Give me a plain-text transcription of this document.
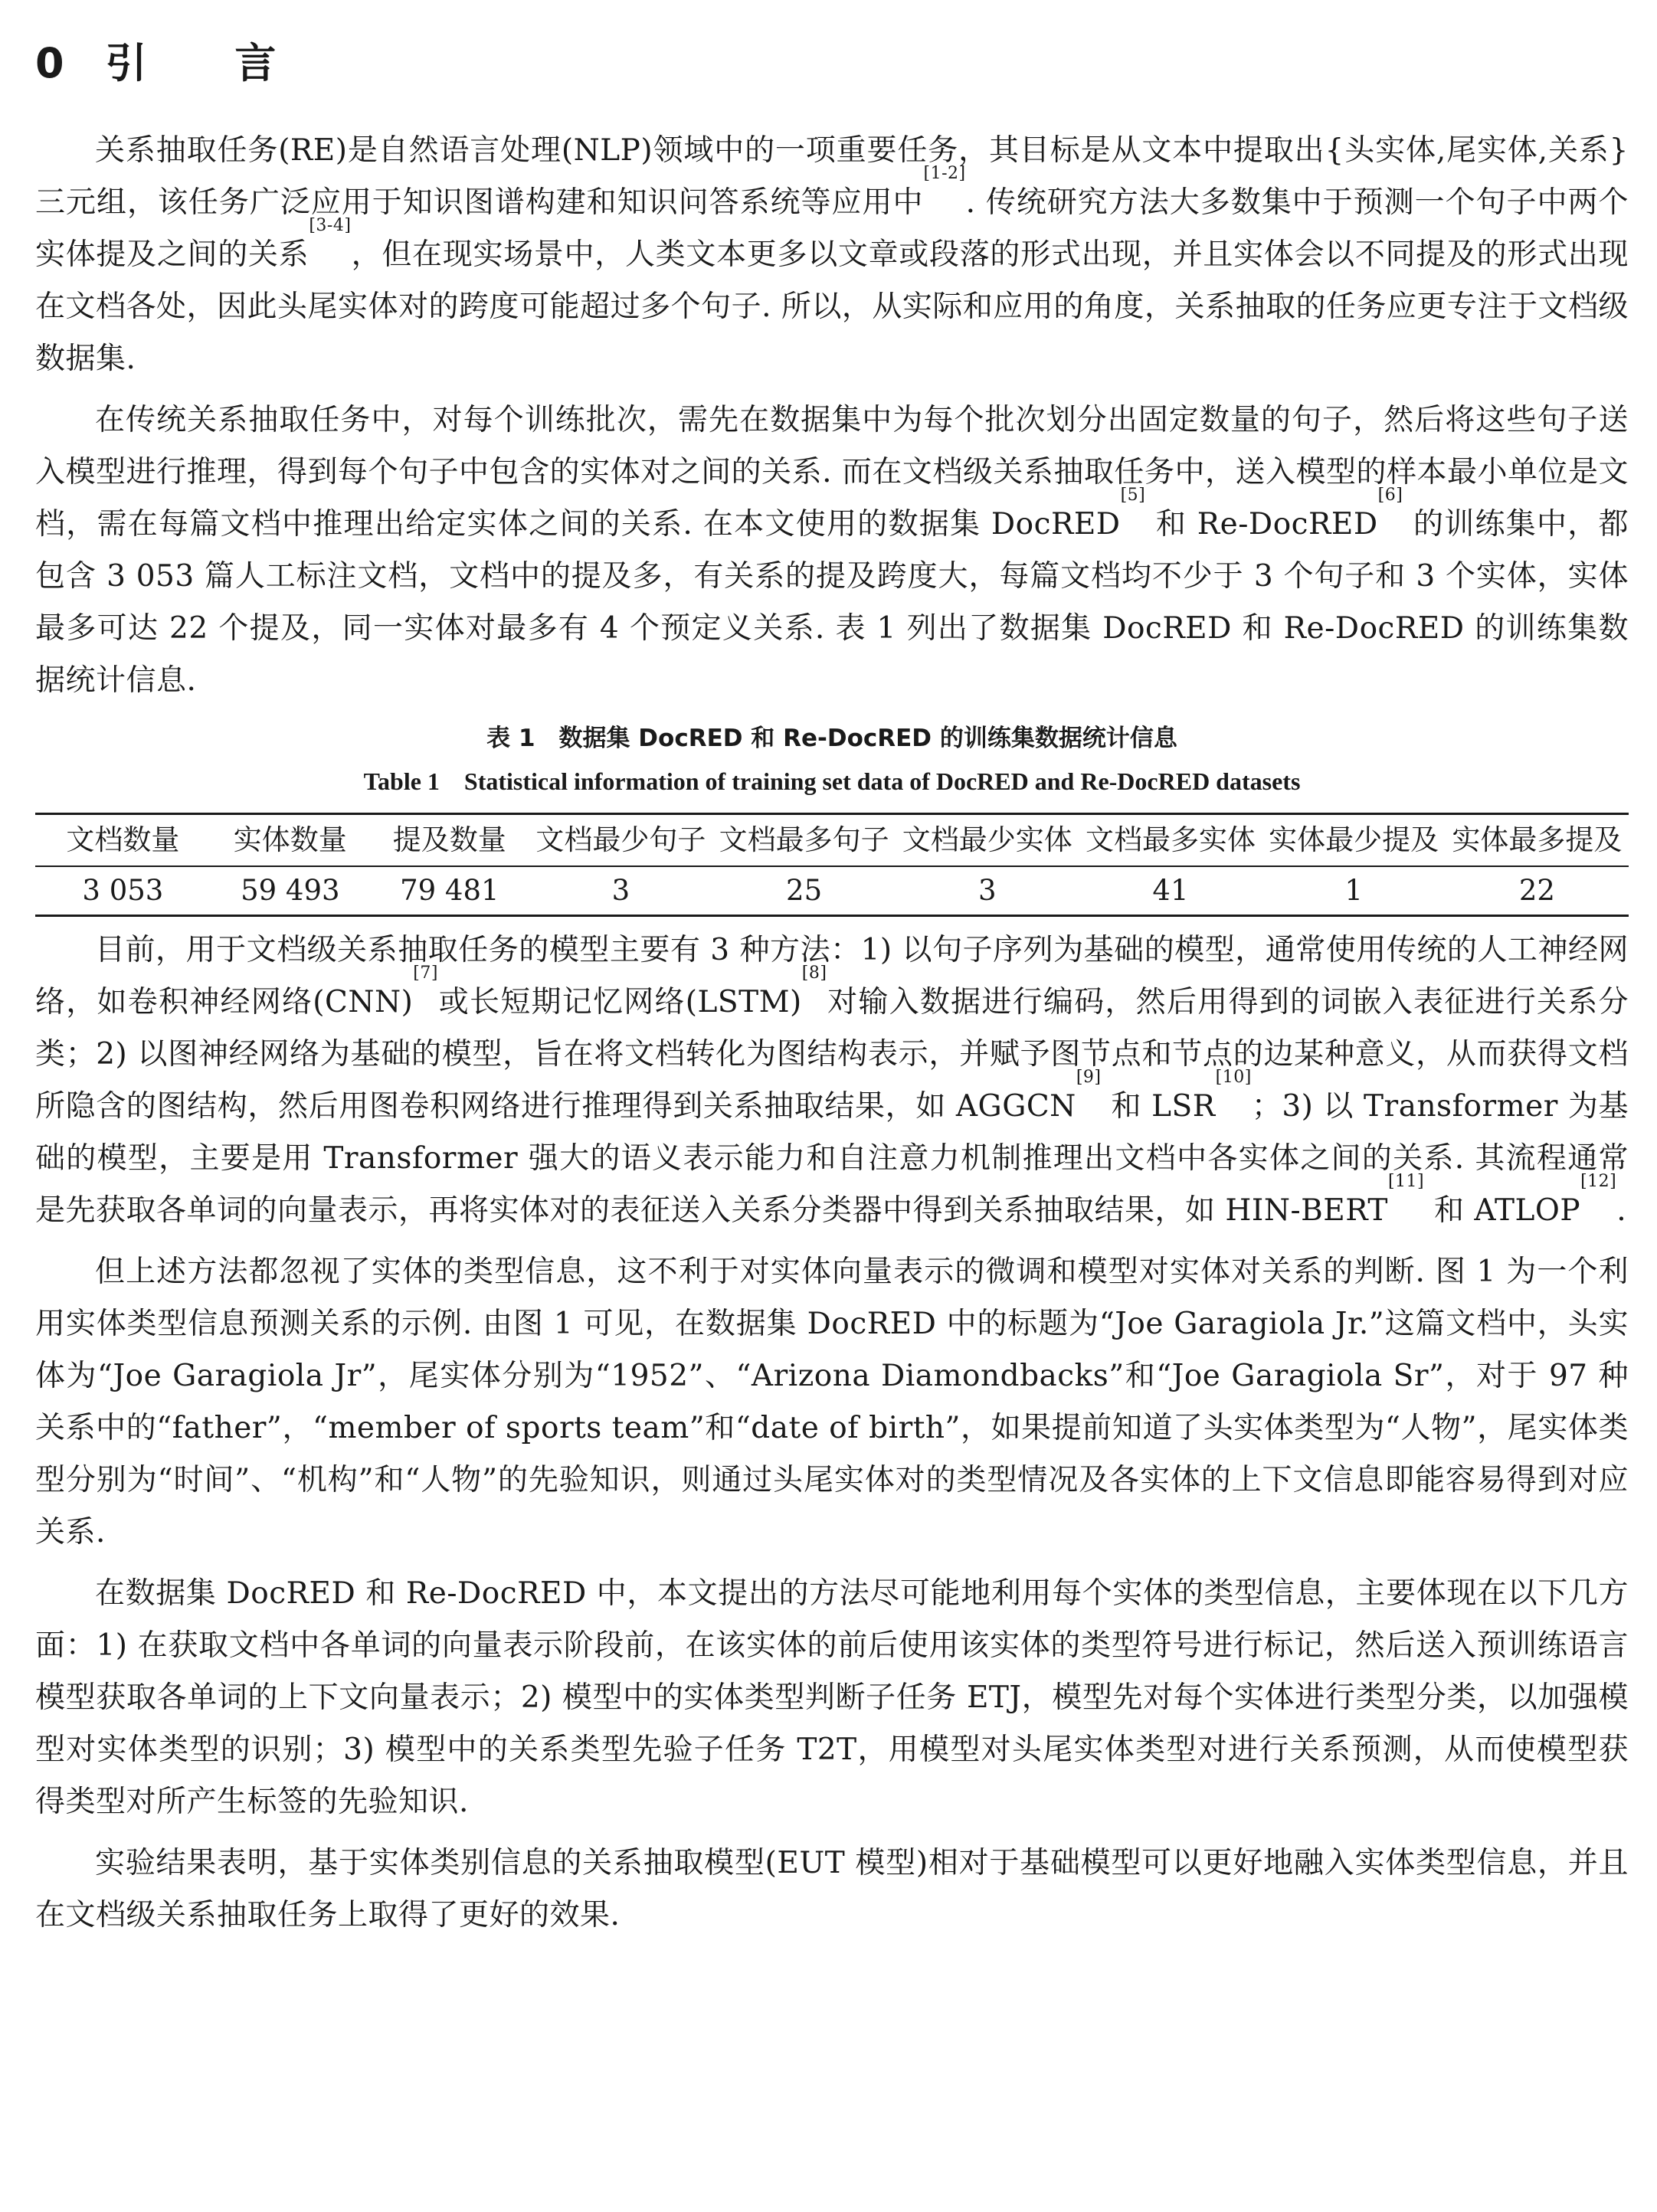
0 引 言

关系抽取任务(RE)是自然语言处理(NLP)领域中的一项重要任务，其目标是从文本中提取出{头实体,尾实体,关系}三元组，该任务广泛应用于知识图谱构建和知识问答系统等应用中[1-2]. 传统研究方法大多数集中于预测一个句子中两个实体提及之间的关系[3-4]，但在现实场景中，人类文本更多以文章或段落的形式出现，并且实体会以不同提及的形式出现在文档各处，因此头尾实体对的跨度可能超过多个句子. 所以，从实际和应用的角度，关系抽取的任务应更专注于文档级数据集.

在传统关系抽取任务中，对每个训练批次，需先在数据集中为每个批次划分出固定数量的句子，然后将这些句子送入模型进行推理，得到每个句子中包含的实体对之间的关系. 而在文档级关系抽取任务中，送入模型的样本最小单位是文档，需在每篇文档中推理出给定实体之间的关系. 在本文使用的数据集 DocRED[5] 和 Re-DocRED[6] 的训练集中，都包含 3 053 篇人工标注文档，文档中的提及多，有关系的提及跨度大，每篇文档均不少于 3 个句子和 3 个实体，实体最多可达 22 个提及，同一实体对最多有 4 个预定义关系. 表 1 列出了数据集 DocRED 和 Re-DocRED 的训练集数据统计信息.

表 1　数据集 DocRED 和 Re-DocRED 的训练集数据统计信息
Table 1　Statistical information of training set data of DocRED and Re-DocRED datasets
文档数量	实体数量	提及数量	文档最少句子	文档最多句子	文档最少实体	文档最多实体	实体最少提及	实体最多提及
3 053	59 493	79 481	3	25	3	41	1	22

目前，用于文档级关系抽取任务的模型主要有 3 种方法：1) 以句子序列为基础的模型，通常使用传统的人工神经网络，如卷积神经网络(CNN)[7]或长短期记忆网络(LSTM)[8]对输入数据进行编码，然后用得到的词嵌入表征进行关系分类；2) 以图神经网络为基础的模型，旨在将文档转化为图结构表示，并赋予图节点和节点的边某种意义，从而获得文档所隐含的图结构，然后用图卷积网络进行推理得到关系抽取结果，如 AGGCN[9] 和 LSR[10]；3) 以 Transformer 为基础的模型，主要是用 Transformer 强大的语义表示能力和自注意力机制推理出文档中各实体之间的关系. 其流程通常是先获取各单词的向量表示，再将实体对的表征送入关系分类器中得到关系抽取结果，如 HIN-BERT[11] 和 ATLOP[12].

但上述方法都忽视了实体的类型信息，这不利于对实体向量表示的微调和模型对实体对关系的判断. 图 1 为一个利用实体类型信息预测关系的示例. 由图 1 可见，在数据集 DocRED 中的标题为“Joe Garagiola Jr.”这篇文档中，头实体为“Joe Garagiola Jr”，尾实体分别为“1952”、“Arizona Diamondbacks”和“Joe Garagiola Sr”，对于 97 种关系中的“father”，“member of sports team”和“date of birth”，如果提前知道了头实体类型为“人物”，尾实体类型分别为“时间”、“机构”和“人物”的先验知识，则通过头尾实体对的类型情况及各实体的上下文信息即能容易得到对应关系.

在数据集 DocRED 和 Re-DocRED 中，本文提出的方法尽可能地利用每个实体的类型信息，主要体现在以下几方面：1) 在获取文档中各单词的向量表示阶段前，在该实体的前后使用该实体的类型符号进行标记，然后送入预训练语言模型获取各单词的上下文向量表示；2) 模型中的实体类型判断子任务 ETJ，模型先对每个实体进行类型分类，以加强模型对实体类型的识别；3) 模型中的关系类型先验子任务 T2T，用模型对头尾实体类型对进行关系预测，从而使模型获得类型对所产生标签的先验知识.

实验结果表明，基于实体类别信息的关系抽取模型(EUT 模型)相对于基础模型可以更好地融入实体类型信息，并且在文档级关系抽取任务上取得了更好的效果.
